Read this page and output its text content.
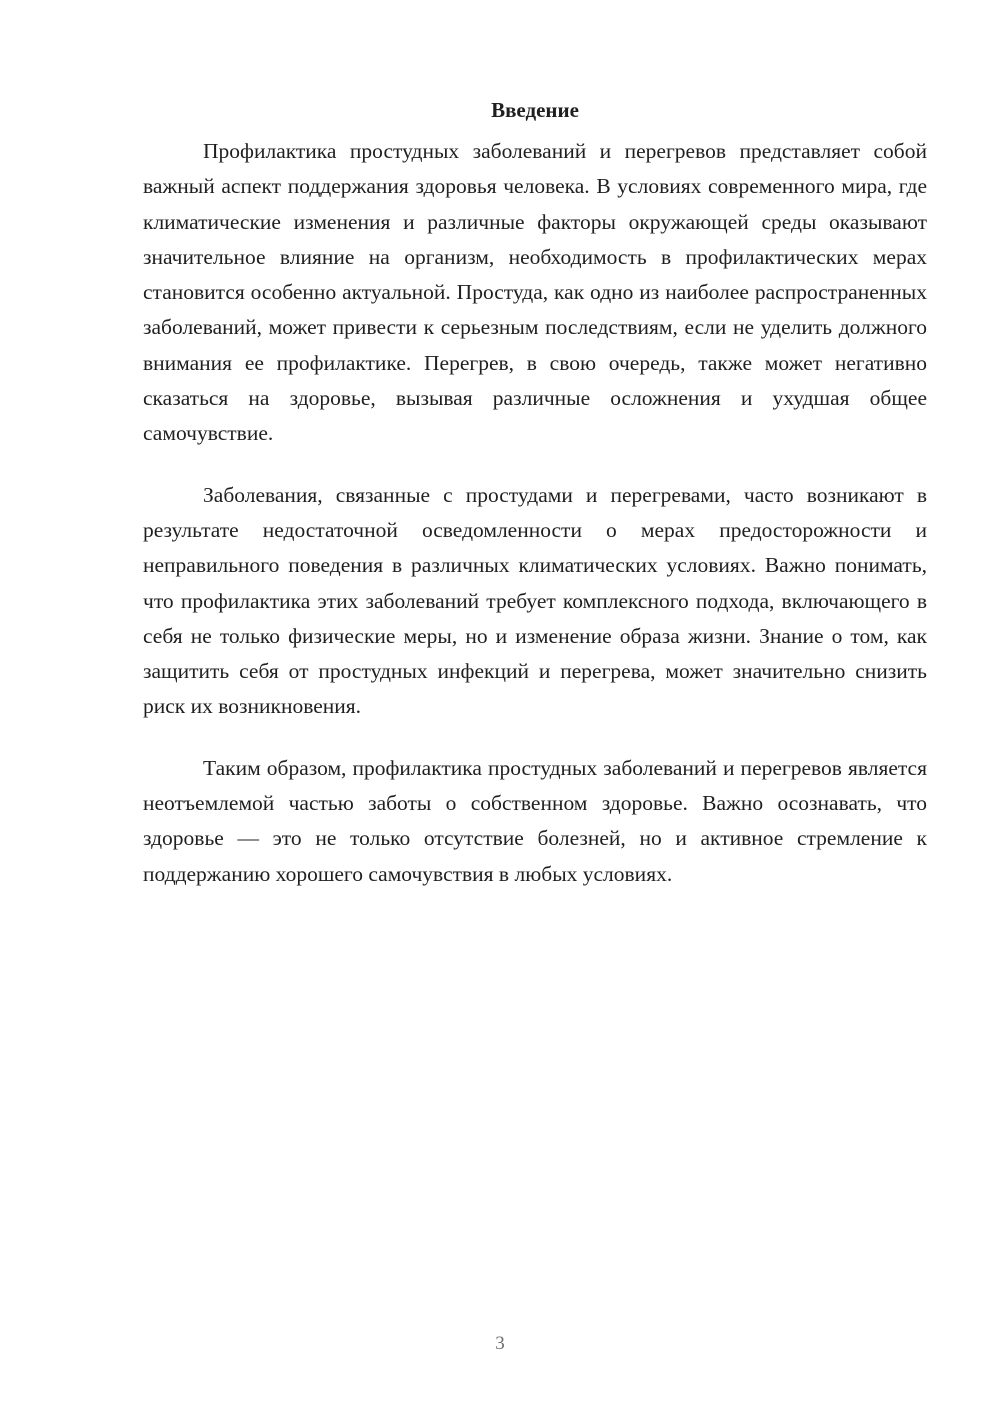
Введение

Профилактика простудных заболеваний и перегревов представляет собой важный аспект поддержания здоровья человека. В условиях современного мира, где климатические изменения и различные факторы окружающей среды оказывают значительное влияние на организм, необходимость в профилактических мерах становится особенно актуальной. Простуда, как одно из наиболее распространенных заболеваний, может привести к серьезным последствиям, если не уделить должного внимания ее профилактике. Перегрев, в свою очередь, также может негативно сказаться на здоровье, вызывая различные осложнения и ухудшая общее самочувствие.

Заболевания, связанные с простудами и перегревами, часто возникают в результате недостаточной осведомленности о мерах предосторожности и неправильного поведения в различных климатических условиях. Важно понимать, что профилактика этих заболеваний требует комплексного подхода, включающего в себя не только физические меры, но и изменение образа жизни. Знание о том, как защитить себя от простудных инфекций и перегрева, может значительно снизить риск их возникновения.

Таким образом, профилактика простудных заболеваний и перегревов является неотъемлемой частью заботы о собственном здоровье. Важно осознавать, что здоровье — это не только отсутствие болезней, но и активное стремление к поддержанию хорошего самочувствия в любых условиях.

3
